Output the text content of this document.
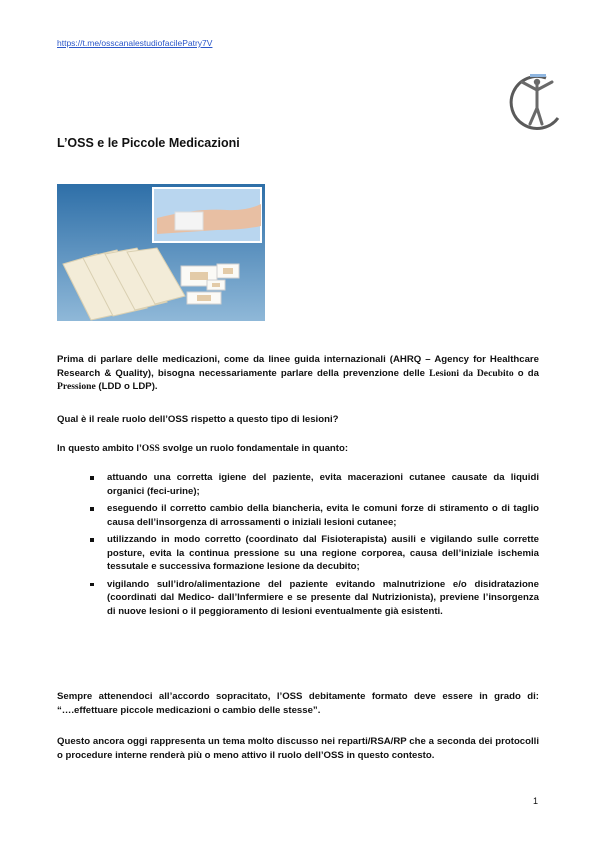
https://t.me/osscanalestudiofacilePatry7V
L’OSS e le Piccole Medicazioni

Prima di parlare delle medicazioni, come da linee guida internazionali (AHRQ – Agency for Healthcare Research & Quality), bisogna necessariamente parlare della prevenzione delle Lesioni da Decubito o da Pressione (LDD o LDP).

Qual è il reale ruolo dell’OSS rispetto a questo tipo di lesioni?

In questo ambito l’OSS svolge un ruolo fondamentale in quanto:

attuando una corretta igiene del paziente, evita macerazioni cutanee causate da liquidi organici (feci-urine);
eseguendo il corretto cambio della biancheria, evita le comuni forze di stiramento o di taglio causa dell’insorgenza di arrossamenti o iniziali lesioni cutanee;
utilizzando in modo corretto (coordinato dal Fisioterapista) ausili e vigilando sulle corrette posture, evita la continua pressione su una regione corporea, causa dell’iniziale ischemia tessutale e successiva formazione lesione da decubito;
vigilando sull’idro/alimentazione del paziente evitando malnutrizione e/o disidratazione (coordinati dal Medico- dall’Infermiere e se presente dal Nutrizionista), previene l’insorgenza di nuove lesioni o il peggioramento di lesioni eventualmente già esistenti.

Sempre attenendoci all’accordo sopracitato, l’OSS debitamente formato deve essere in grado di: “….effettuare piccole medicazioni o cambio delle stesse”.

Questo ancora oggi rappresenta un tema molto discusso nei reparti/RSA/RP che a seconda dei protocolli o procedure interne renderà più o meno attivo il ruolo dell’OSS in questo contesto.

1
